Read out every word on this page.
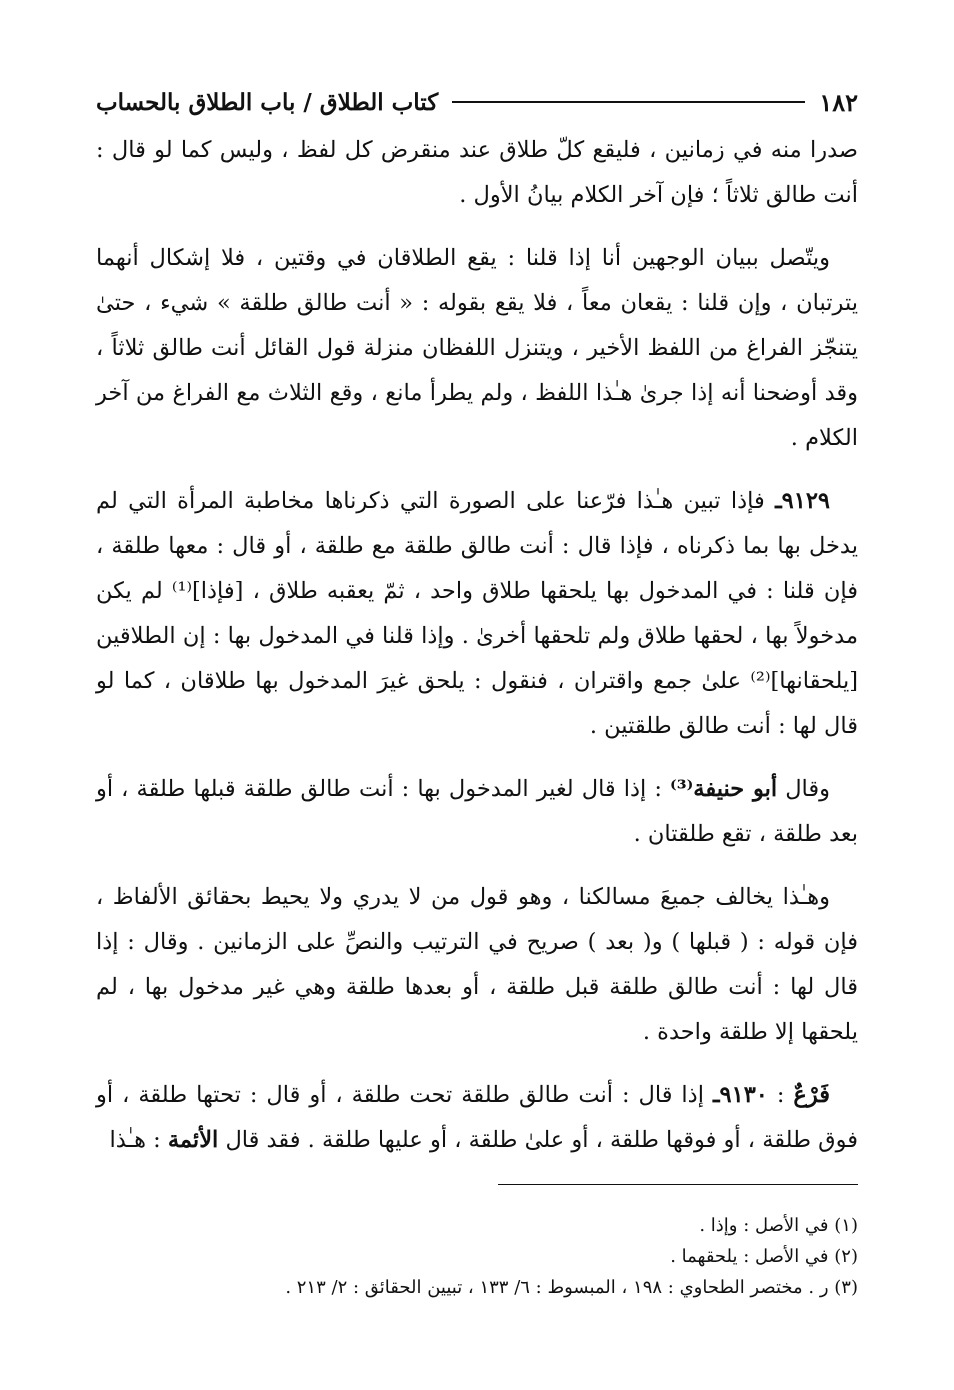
١٨٢
كتاب الطلاق / باب الطلاق بالحساب

صدرا منه في زمانين ، فليقع كلّ طلاق عند منقرض كل لفظ ، وليس كما لو قال : أنت طالق ثلاثاً ؛ فإن آخر الكلام بيانُ الأول .

ويتّصل ببيان الوجهين أنا إذا قلنا : يقع الطلاقان في وقتين ، فلا إشكال أنهما يترتبان ، وإن قلنا : يقعان معاً ، فلا يقع بقوله : « أنت طالق طلقة » شيء ، حتىٰ يتنجّز الفراغ من اللفظ الأخير ، ويتنزل اللفظان منزلة قول القائل أنت طالق ثلاثاً ، وقد أوضحنا أنه إذا جرىٰ هـٰذا اللفظ ، ولم يطرأ مانع ، وقع الثلاث مع الفراغ من آخر الكلام .

٩١٢٩ـ فإذا تبين هـٰذا فرّعنا على الصورة التي ذكرناها مخاطبة المرأة التي لم يدخل بها بما ذكرناه ، فإذا قال : أنت طالق طلقة مع طلقة ، أو قال : معها طلقة ، فإن قلنا : في المدخول بها يلحقها طلاق واحد ، ثمّ يعقبه طلاق ، [فإذا]⁽¹⁾ لم يكن مدخولاً بها ، لحقها طلاق ولم تلحقها أخرىٰ . وإذا قلنا في المدخول بها : إن الطلاقين [يلحقانها]⁽²⁾ علىٰ جمع واقتران ، فنقول : يلحق غيرَ المدخول بها طلاقان ، كما لو قال لها : أنت طالق طلقتين .

وقال أبو حنيفة⁽³⁾ : إذا قال لغير المدخول بها : أنت طالق طلقة قبلها طلقة ، أو بعد طلقة ، تقع طلقتان .

وهـٰذا يخالف جميعَ مسالكنا ، وهو قول من لا يدري ولا يحيط بحقائق الألفاظ ، فإن قوله : ( قبلها ) و( بعد ) صريح في الترتيب والنصِّ على الزمانين . وقال : إذا قال لها : أنت طالق طلقة قبل طلقة ، أو بعدها طلقة وهي غير مدخول بها ، لم يلحقها إلا طلقة واحدة .

فَرْعٌ : ٩١٣٠ـ إذا قال : أنت طالق طلقة تحت طلقة ، أو قال : تحتها طلقة ، أو فوق طلقة ، أو فوقها طلقة ، أو علىٰ طلقة ، أو عليها طلقة . فقد قال الأئمة : هـٰذا

(١) في الأصل : وإذا .
(٢) في الأصل : يلحقهما .
(٣) ر . مختصر الطحاوي : ١٩٨ ، المبسوط : ٦/ ١٣٣ ، تبيين الحقائق : ٢/ ٢١٣ .
